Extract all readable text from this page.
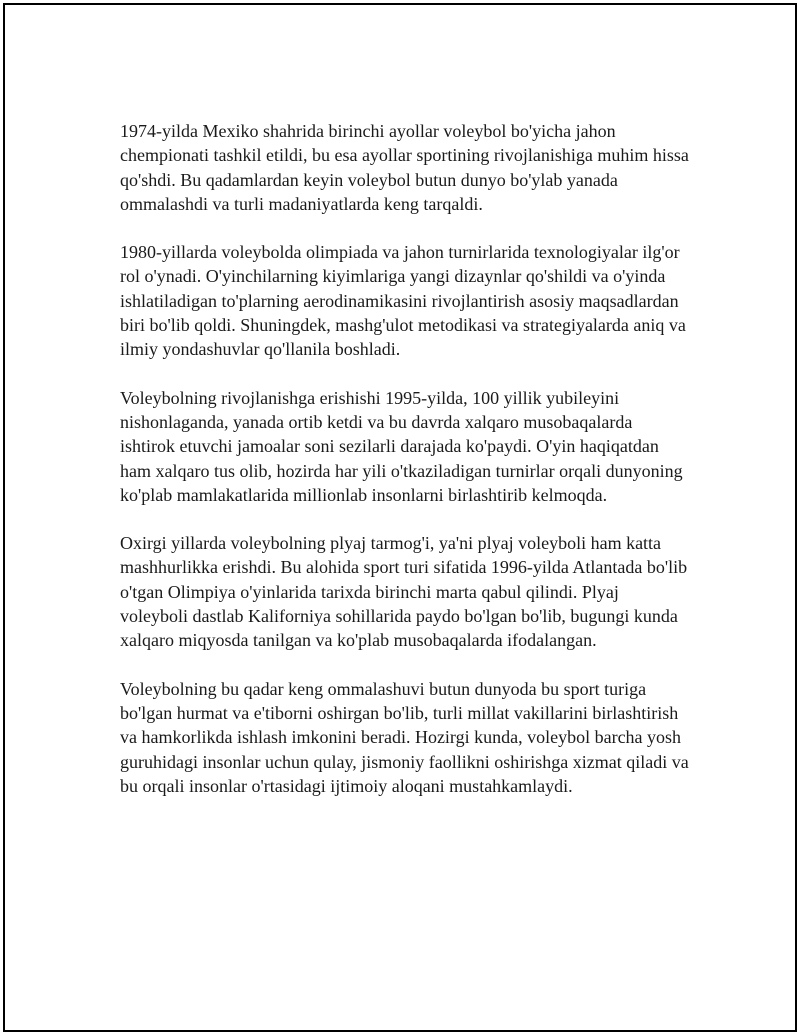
1974-yilda Mexiko shahrida birinchi ayollar voleybol bo'yicha jahon chempionati tashkil etildi, bu esa ayollar sportining rivojlanishiga muhim hissa qo'shdi. Bu qadamlardan keyin voleybol butun dunyo bo'ylab yanada ommalashdi va turli madaniyatlarda keng tarqaldi.

1980-yillarda voleybolda olimpiada va jahon turnirlarida texnologiyalar ilg'or rol o'ynadi. O'yinchilarning kiyimlariga yangi dizaynlar qo'shildi va o'yinda ishlatiladigan to'plarning aerodinamikasini rivojlantirish asosiy maqsadlardan biri bo'lib qoldi. Shuningdek, mashg'ulot metodikasi va strategiyalarda aniq va ilmiy yondashuvlar qo'llanila boshladi.

Voleybolning rivojlanishga erishishi 1995-yilda, 100 yillik yubileyini nishonlaganda, yanada ortib ketdi va bu davrda xalqaro musobaqalarda ishtirok etuvchi jamoalar soni sezilarli darajada ko'paydi. O'yin haqiqatdan ham xalqaro tus olib, hozirda har yili o'tkaziladigan turnirlar orqali dunyoning ko'plab mamlakatlarida millionlab insonlarni birlashtirib kelmoqda.

Oxirgi yillarda voleybolning plyaj tarmog'i, ya'ni plyaj voleyboli ham katta mashhurlikka erishdi. Bu alohida sport turi sifatida 1996-yilda Atlantada bo'lib o'tgan Olimpiya o'yinlarida tarixda birinchi marta qabul qilindi. Plyaj voleyboli dastlab Kaliforniya sohillarida paydo bo'lgan bo'lib, bugungi kunda xalqaro miqyosda tanilgan va ko'plab musobaqalarda ifodalangan.

Voleybolning bu qadar keng ommalashuvi butun dunyoda bu sport turiga bo'lgan hurmat va e'tiborni oshirgan bo'lib, turli millat vakillarini birlashtirish va hamkorlikda ishlash imkonini beradi. Hozirgi kunda, voleybol barcha yosh guruhidagi insonlar uchun qulay, jismoniy faollikni oshirishga xizmat qiladi va bu orqali insonlar o'rtasidagi ijtimoiy aloqani mustahkamlaydi.
